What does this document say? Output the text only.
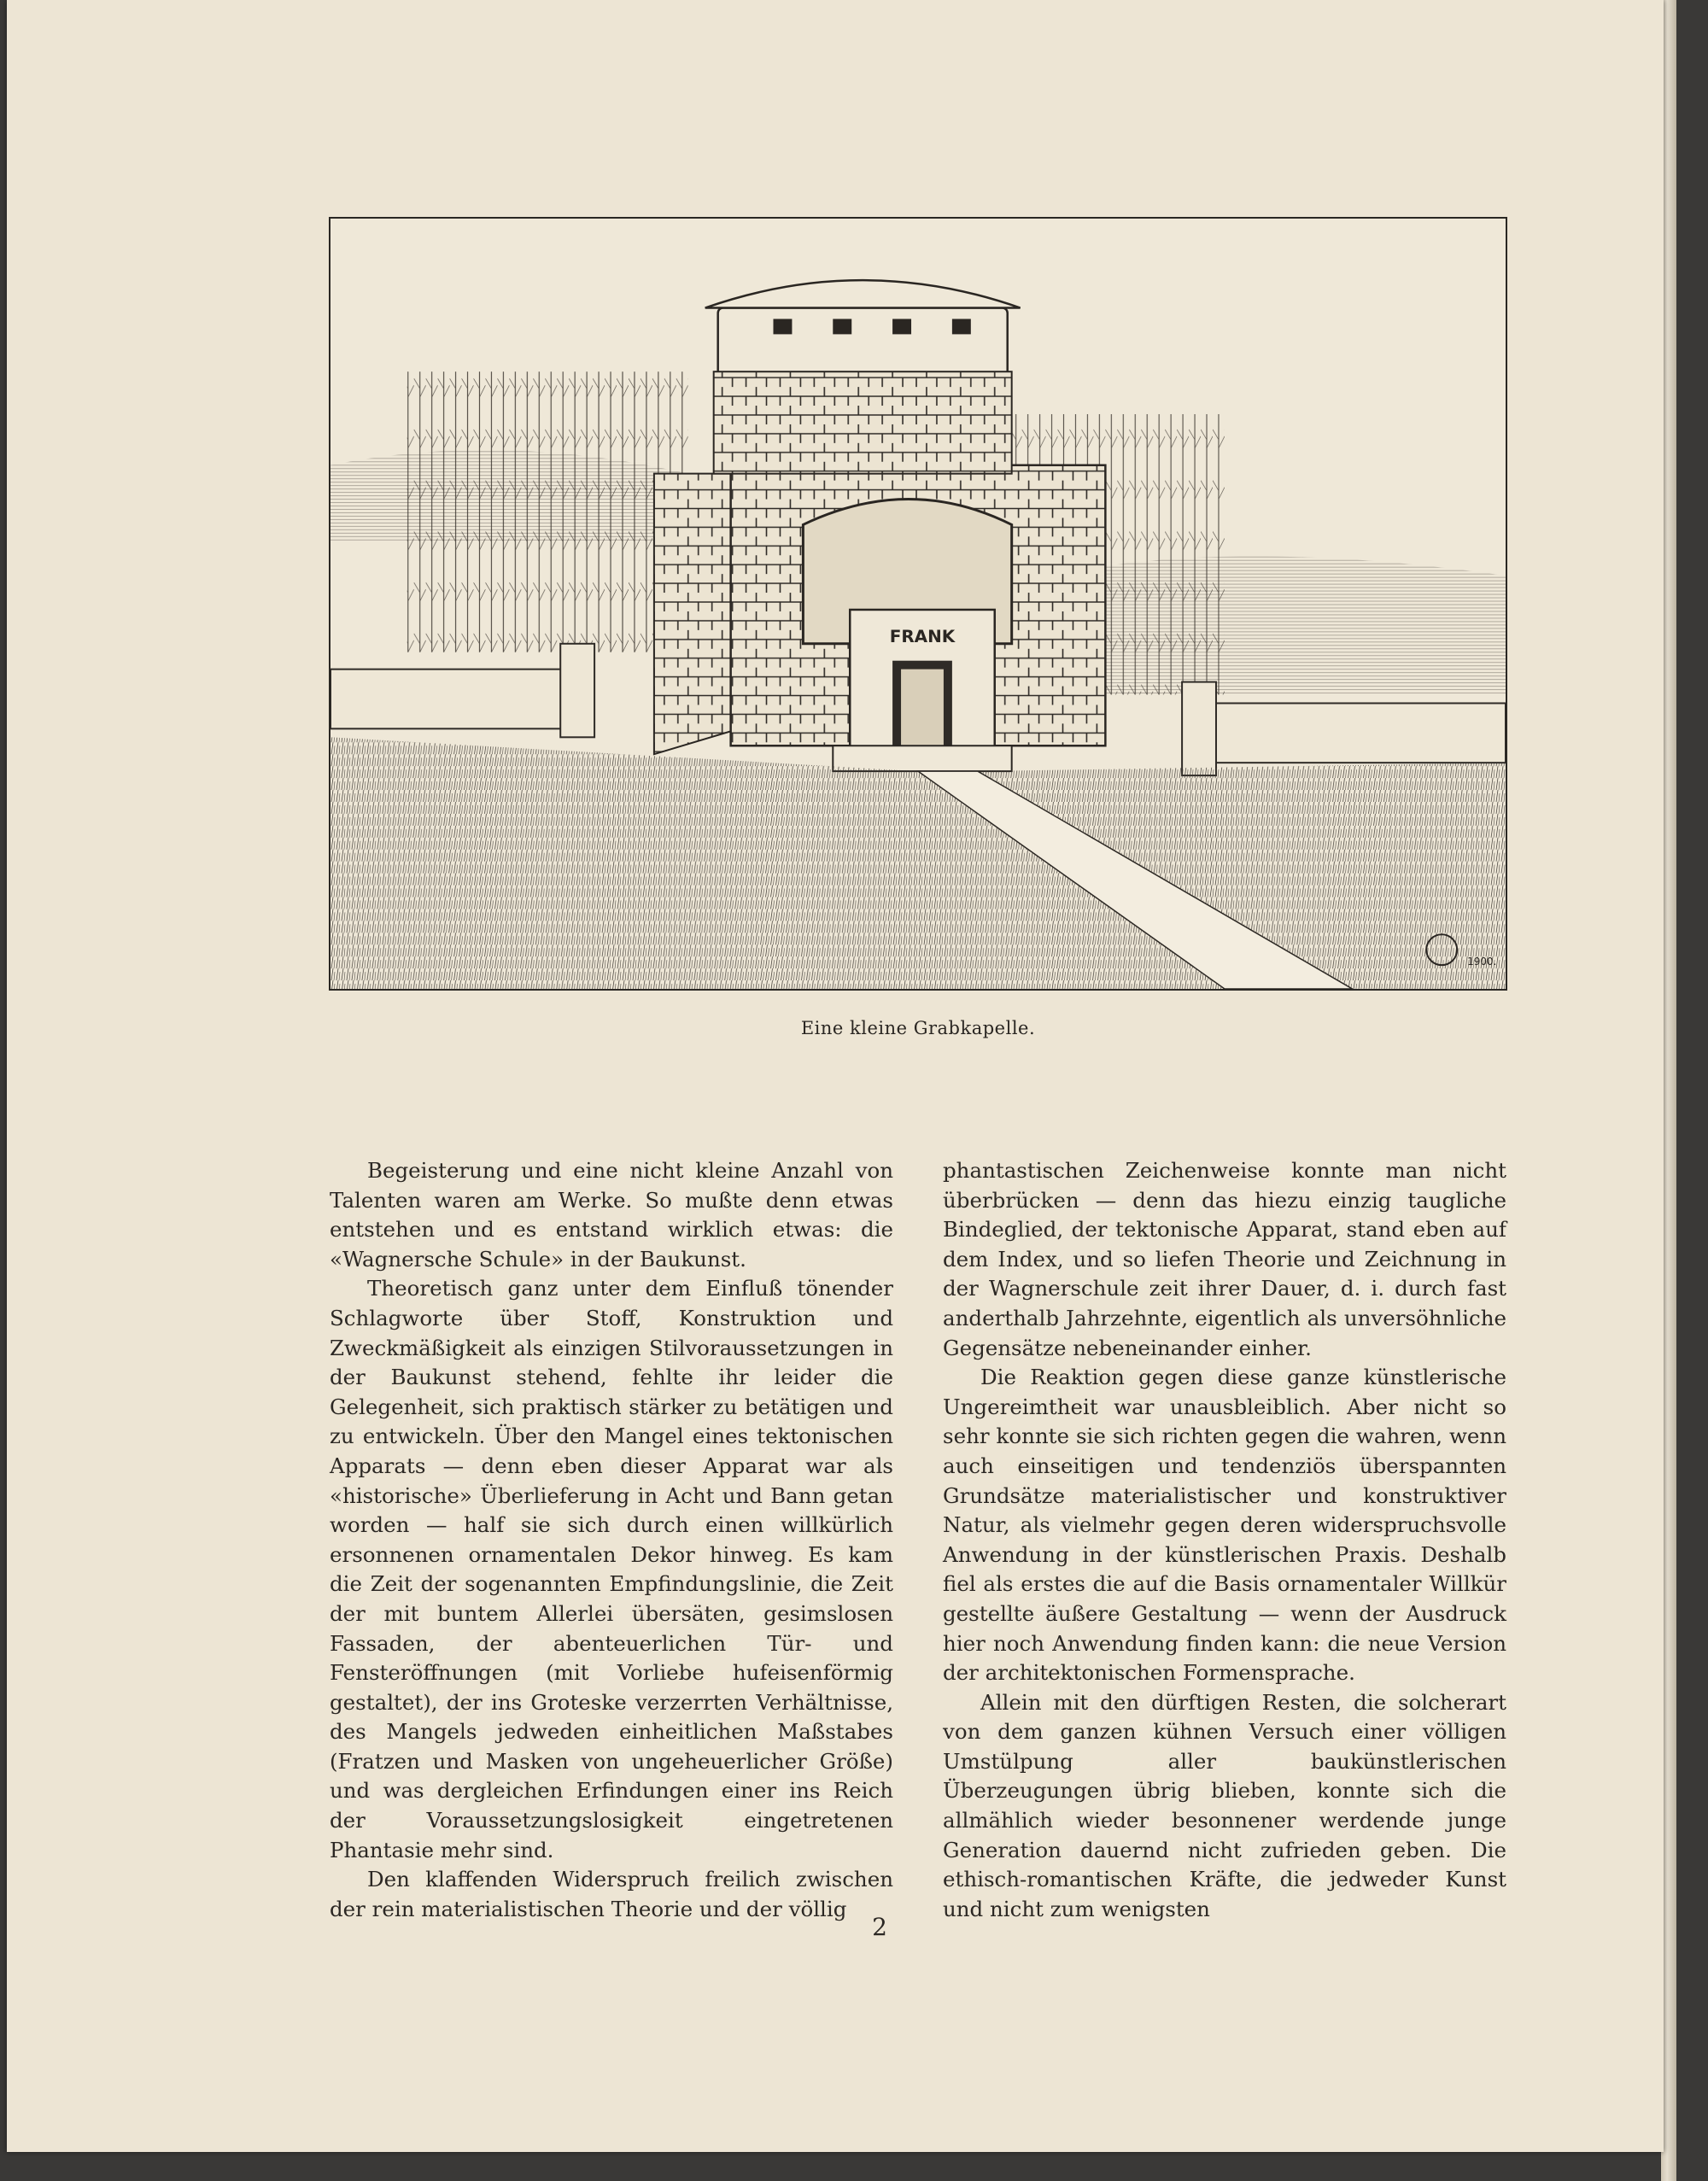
FRANK
1900.
Eine kleine Grabkapelle.

Begeisterung und eine nicht kleine Anzahl von Talenten waren am Werke. So mußte denn etwas entstehen und es entstand wirklich etwas: die «Wagnersche Schule» in der Baukunst.

Theoretisch ganz unter dem Einfluß tönender Schlagworte über Stoff, Konstruktion und Zweckmäßigkeit als einzigen Stilvoraussetzungen in der Baukunst stehend, fehlte ihr leider die Gelegenheit, sich praktisch stärker zu betätigen und zu entwickeln. Über den Mangel eines tektonischen Apparats — denn eben dieser Apparat war als «historische» Überlieferung in Acht und Bann getan worden — half sie sich durch einen willkürlich ersonnenen ornamentalen Dekor hinweg. Es kam die Zeit der sogenannten Empfindungslinie, die Zeit der mit buntem Allerlei übersäten, gesimslosen Fassaden, der abenteuerlichen Tür- und Fensteröffnungen (mit Vorliebe hufeisenförmig gestaltet), der ins Groteske verzerrten Verhältnisse, des Mangels jedweden einheitlichen Maßstabes (Fratzen und Masken von ungeheuerlicher Größe) und was dergleichen Erfindungen einer ins Reich der Voraussetzungslosigkeit eingetretenen Phantasie mehr sind.

Den klaffenden Widerspruch freilich zwischen der rein materialistischen Theorie und der völlig

phantastischen Zeichenweise konnte man nicht überbrücken — denn das hiezu einzig taugliche Bindeglied, der tektonische Apparat, stand eben auf dem Index, und so liefen Theorie und Zeichnung in der Wagnerschule zeit ihrer Dauer, d. i. durch fast anderthalb Jahrzehnte, eigentlich als unversöhnliche Gegensätze nebeneinander einher.

Die Reaktion gegen diese ganze künstlerische Ungereimtheit war unausbleiblich. Aber nicht so sehr konnte sie sich richten gegen die wahren, wenn auch einseitigen und tendenziös überspannten Grundsätze materialistischer und konstruktiver Natur, als vielmehr gegen deren widerspruchsvolle Anwendung in der künstlerischen Praxis. Deshalb fiel als erstes die auf die Basis ornamentaler Willkür gestellte äußere Gestaltung — wenn der Ausdruck hier noch Anwendung finden kann: die neue Version der architektonischen Formensprache.

Allein mit den dürftigen Resten, die solcherart von dem ganzen kühnen Versuch einer völligen Umstülpung aller baukünstlerischen Überzeugungen übrig blieben, konnte sich die allmählich wieder besonnener werdende junge Generation dauernd nicht zufrieden geben. Die ethisch-romantischen Kräfte, die jedweder Kunst und nicht zum wenigsten

2
